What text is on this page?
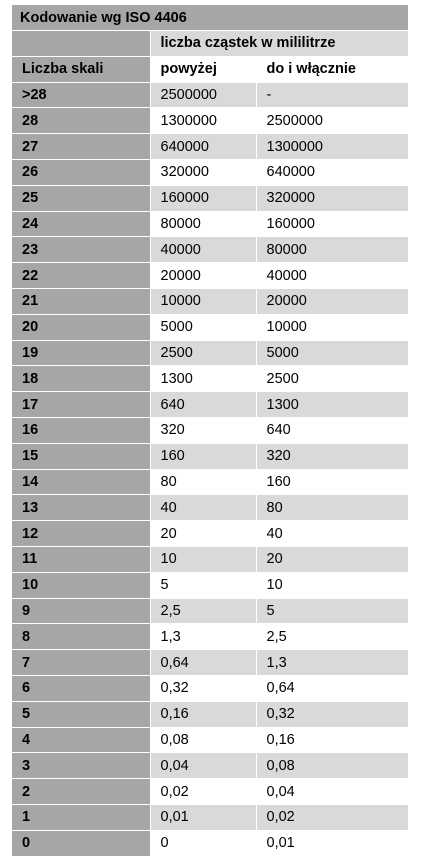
Kodowanie wg ISO 4406		
	liczba cząstek w mililitrze	
Liczba skali	powyżej	do i włącznie
>28	2500000	-
28	1300000	2500000
27	640000	1300000
26	320000	640000
25	160000	320000
24	80000	160000
23	40000	80000
22	20000	40000
21	10000	20000
20	5000	10000
19	2500	5000
18	1300	2500
17	640	1300
16	320	640
15	160	320
14	80	160
13	40	80
12	20	40
11	10	20
10	5	10
9	2,5	5
8	1,3	2,5
7	0,64	1,3
6	0,32	0,64
5	0,16	0,32
4	0,08	0,16
3	0,04	0,08
2	0,02	0,04
1	0,01	0,02
0	0	0,01
